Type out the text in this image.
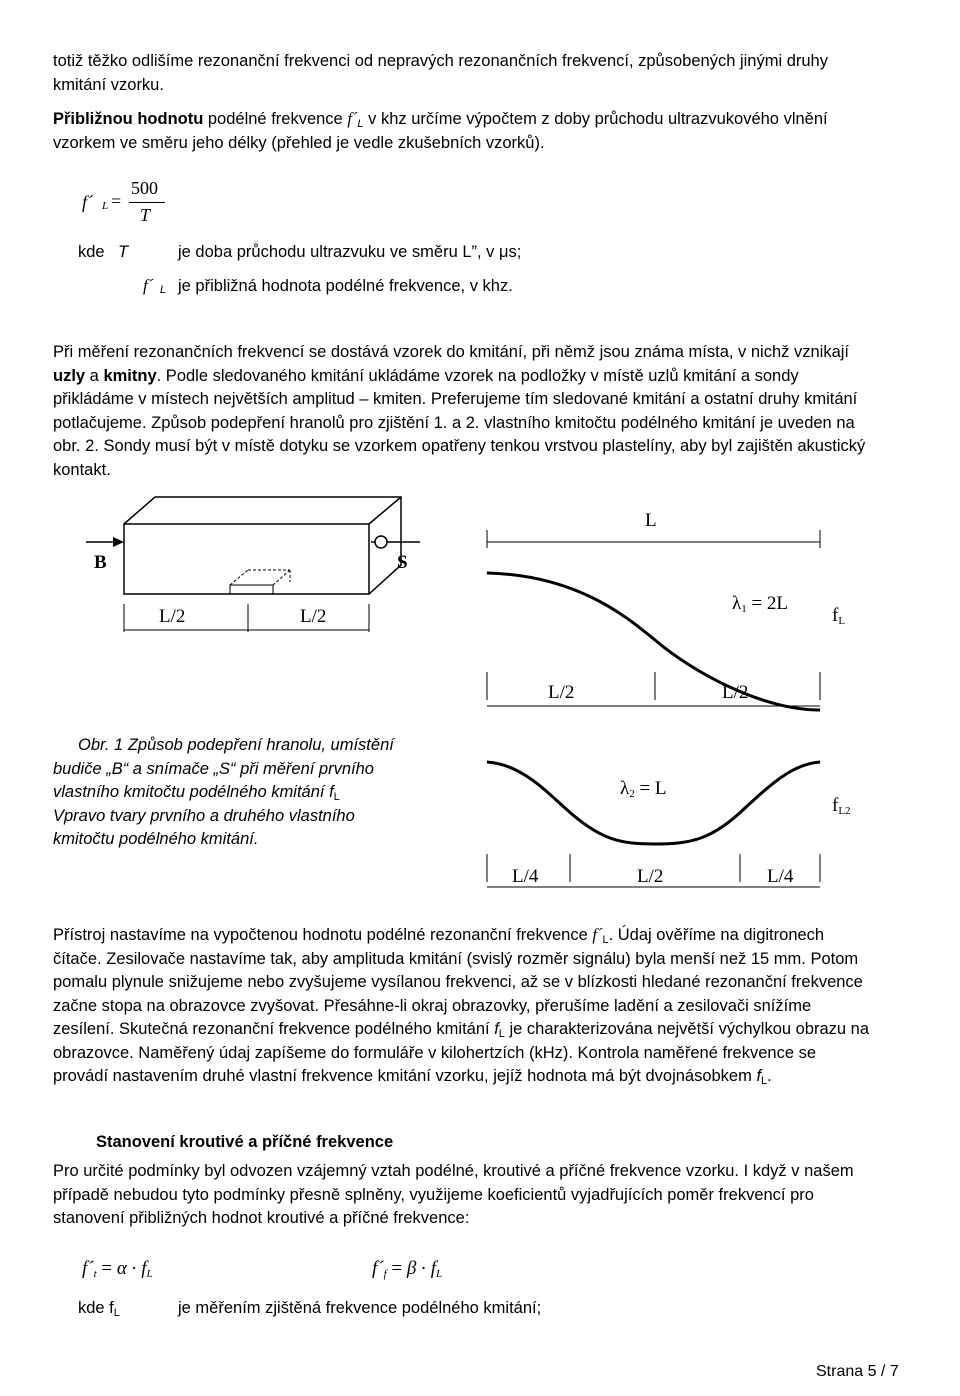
totiž těžko odlišíme rezonanční frekvenci od nepravých rezonančních frekvencí, způsobených jinými druhy kmitání vzorku.

Přibližnou hodnotu podélné frekvence $f´_L$ v khz určíme výpočtem z doby průchodu ultrazvukového vlnění vzorkem ve směru jeho délky (přehled je vedle zkušebních vzorků).

f´ L =
500
T
kde T	je doba průchodu ultrazvuku ve směru L”, v μs;
f´ L je přibližná hodnota podélné frekvence, v khz.

Při měření rezonančních frekvencí se dostává vzorek do kmitání, při němž jsou známa místa, v nichž vznikají uzly a kmitny. Podle sledovaného kmitání ukládáme vzorek na podložky v místě uzlů kmitání a sondy přikládáme v místech největších amplitud – kmiten. Preferujeme tím sledované kmitání a ostatní druhy kmitání potlačujeme. Způsob podepření hranolů pro zjištění 1. a 2. vlastního kmitočtu podélného kmitání je uveden na obr. 2. Sondy musí být v místě dotyku se vzorkem opatřeny tenkou vrstvou plastelíny, aby byl zajištěn akustický kontakt.

B	S
L/2	L/2
L
$\lambda_1 = 2L$
$f_L$
L/2	L/2
$\lambda_2 = L$
$f_{L2}$
L/4	L/2	L/4
Obr. 1 Způsob podepření hranolu, umístění
budiče „B“ a snímače „S“ při měření prvního
vlastního kmitočtu podélného kmitání $f_L$
Vpravo tvary prvního a druhého vlastního
kmitočtu podélného kmitání.

Přístroj nastavíme na vypočtenou hodnotu podélné rezonanční frekvence $f´_L$. Údaj ověříme na digitronech čítače. Zesilovače nastavíme tak, aby amplituda kmitání (svislý rozměr signálu) byla menší než 15 mm. Potom pomalu plynule snižujeme nebo zvyšujeme vysílanou frekvenci, až se v blízkosti hledané rezonanční frekvence začne stopa na obrazovce zvyšovat. Přesáhne-li okraj obrazovky, přerušíme ladění a zesilovači snížíme zesílení. Skutečná rezonanční frekvence podélného kmitání $f_L$ je charakterizována největší výchylkou obrazu na obrazovce. Naměřený údaj zapíšeme do formuláře v kilohertzích (kHz). Kontrola naměřené frekvence se provádí nastavením druhé vlastní frekvence kmitání vzorku, jejíž hodnota má být dvojnásobkem $f_L$.

Stanovení kroutivé a příčné frekvence

Pro určité podmínky byl odvozen vzájemný vztah podélné, kroutivé a příčné frekvence vzorku. I když v našem případě nebudou tyto podmínky přesně splněny, využijeme koeficientů vyjadřujících poměr frekvencí pro stanovení přibližných hodnot kroutivé a příčné frekvence:

$f´_t = \alpha \cdot f_L$	$f´_f = \beta \cdot f_L$
kde $f_L$	je měřením zjištěná frekvence podélného kmitání;
Strana 5 / 7
